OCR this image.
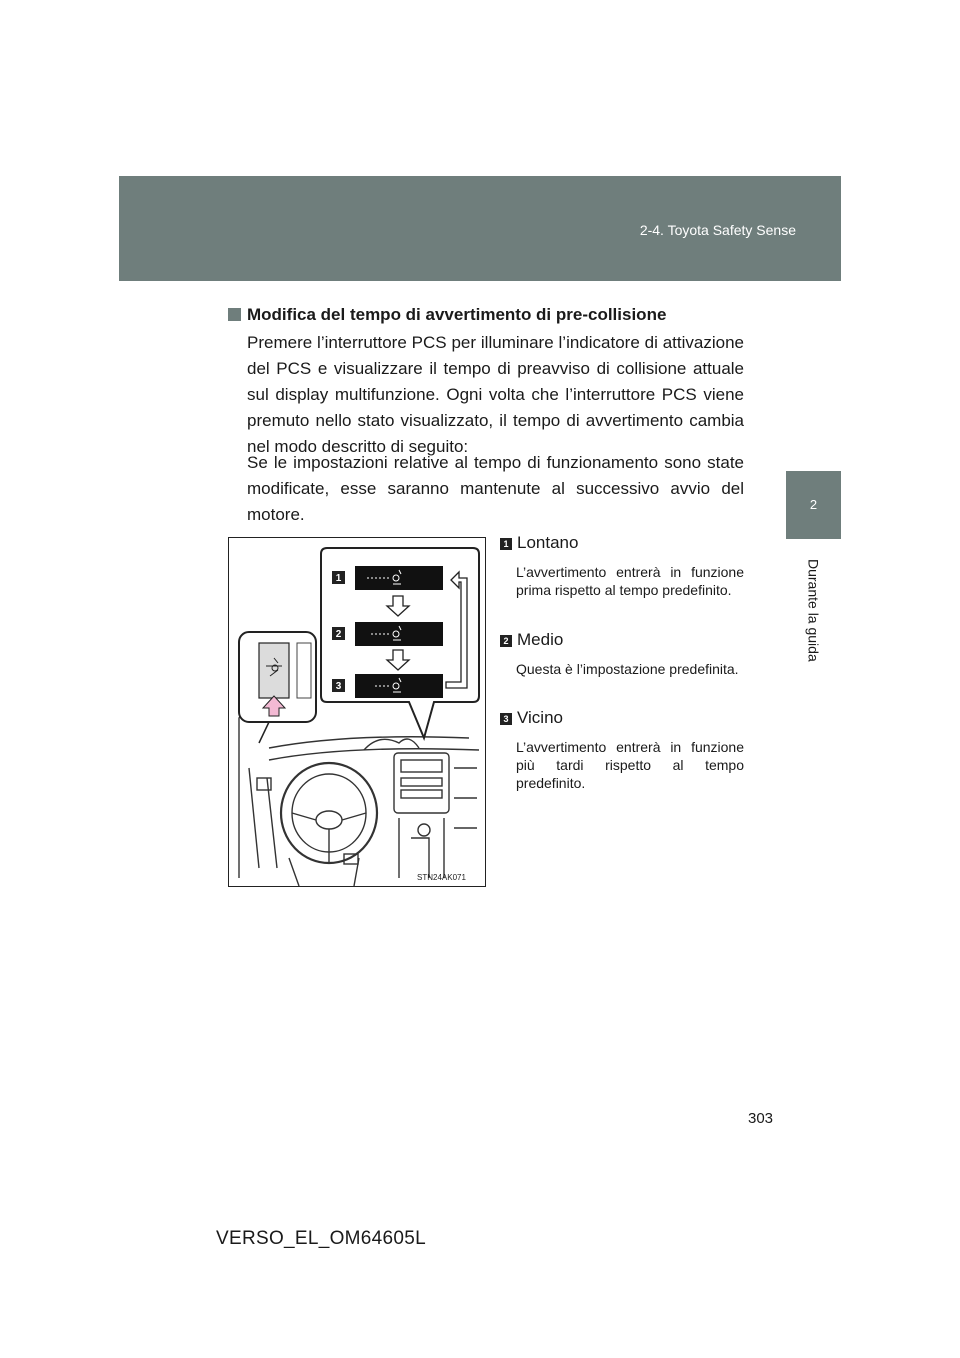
2-4. Toyota Safety Sense
2
Durante la guida
Modifica del tempo di avvertimento di pre-collisione

Premere l’interruttore PCS per illuminare l’indicatore di attivazione del PCS e visualizzare il tempo di preavviso di collisione attuale sul display multifunzione. Ogni volta che l’interruttore PCS viene premuto nello stato visualizzato, il tempo di avvertimento cambia nel modo descritto di seguito:

Se le impostazioni relative al tempo di funzionamento sono state modificate, esse saranno mantenute al successivo avvio del motore.

1
2
3
STN24AK071
1 Lontano
L’avvertimento entrerà in funzione prima rispetto al tempo predefinito.
2 Medio
Questa è l’impostazione predefinita.
3 Vicino
L’avvertimento entrerà in funzione più tardi rispetto al tempo predefinito.
303
VERSO_EL_OM64605L
